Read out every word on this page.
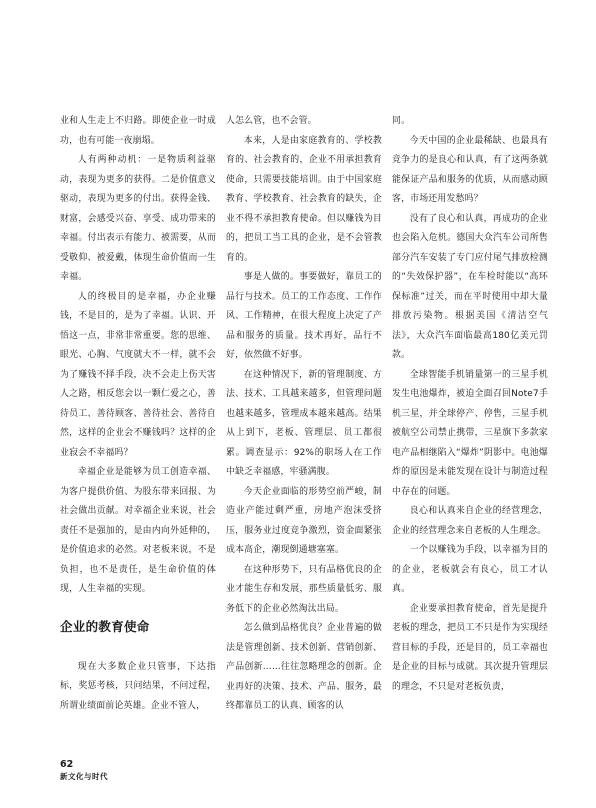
业和人生走上不归路。即使企业一时成功，也有可能一夜崩塌。

人有两种动机：一是物质利益驱动，表现为更多的获得。二是价值意义驱动，表现为更多的付出。获得金钱、财富，会感受兴奋、享受、成功带来的幸福。付出表示有能力、被需要，从而受敬仰、被爱戴，体现生命价值而一生幸福。

人的终极目的是幸福，办企业赚钱，不是目的，是为了幸福。认识、开悟这一点，非常非常重要。您的思维、眼光、心胸、气度就大不一样，就不会为了赚钱不择手段，决不会走上伤天害人之路，相反您会以一颗仁爱之心，善待员工、善待顾客、善待社会、善待自然，这样的企业会不赚钱吗？这样的企业寂会不幸福吗？

幸福企业是能够为员工创造幸福、为客户提供价值、为股东带来回报、为社会做出贡献。对幸福企业来说，社会责任不是强加的，是由内向外延伸的，是价值追求的必然。对老板来说，不是负担，也不是责任，是生命价值的体现，人生幸福的实现。

企业的教育使命

现在大多数企业只管事，下达指标，奖惩考核，只问结果，不问过程，所谓业绩面前论英雄。企业不管人，

人怎么管，也不会管。

本来，人是由家庭教育的、学校教育的、社会教育的，企业不用承担教育使命，只需要技能培训。由于中国家庭教育、学校教育、社会教育的缺失，企业不得不承担教育使命。但以赚钱为目的，把员工当工具的企业，是不会管教育的。

事是人做的。事要做好，靠员工的品行与技术。员工的工作态度、工作作风、工作精神，在很大程度上决定了产品和服务的质量。技术再好，品行不好，依然做不好事。

在这种情况下，新的管理制度、方法、技术、工具越来越多，但管理问题也越来越多，管理成本越来越高。结果从上到下，老板、管理层、员工都很累。调查显示：92%的职场人在工作中缺乏幸福感，牢骚满腹。

今天企业面临的形势空前严峻，制造业产能过剩严重，房地产泡沫受挤压，服务业过度竞争激烈，资金面紧张成本高企，潮现倒通塘塞塞。

在这种形势下，只有品格优良的企业才能生存和发展，那些质量低劣、服务低下的企业必然淘汰出局。

怎么做到品格优良？企业普遍的做法是管理创新、技术创新、营销创新、产品创新……往往忽略理念的创新。企业再好的决策、技术、产品、服务，最终都靠员工的认真、顾客的认

同。

今天中国的企业最稀缺、也最具有竞争力的是良心和认真，有了这两条就能保证产品和服务的优质，从而感动顾客，市场还用发愁吗？

没有了良心和认真，再成功的企业也会陷入危机。德国大众汽车公司所售部分汽车安装了专门应付尾气排放检测的“失效保护器”，在车检时能以“高环保标准”过关，而在平时使用中却大量排放污染物。根据美国《清洁空气法》，大众汽车面临最高180亿美元罚款。

全球智能手机销量第一的三星手机发生电池爆炸，被迫全面召回Note7手机三星，并全球停产、停售，三星手机被航空公司禁止携带，三星旗下多款家电产品相继陷入“爆炸”阴影中。电池爆炸的原因是未能发现在设计与制造过程中存在的问题。

良心和认真来自企业的经营理念，企业的经营理念来自老板的人生理念。

一个以赚钱为手段，以幸福为目的的企业，老板就会有良心，员工才认真。

企业要承担教育使命，首先是提升老板的理念，把员工不只是作为实现经营目标的手段，还是目的，员工幸福也是企业的目标与成就。其次提升管理层的理念，不只是对老板负责，

62
新文化与时代
